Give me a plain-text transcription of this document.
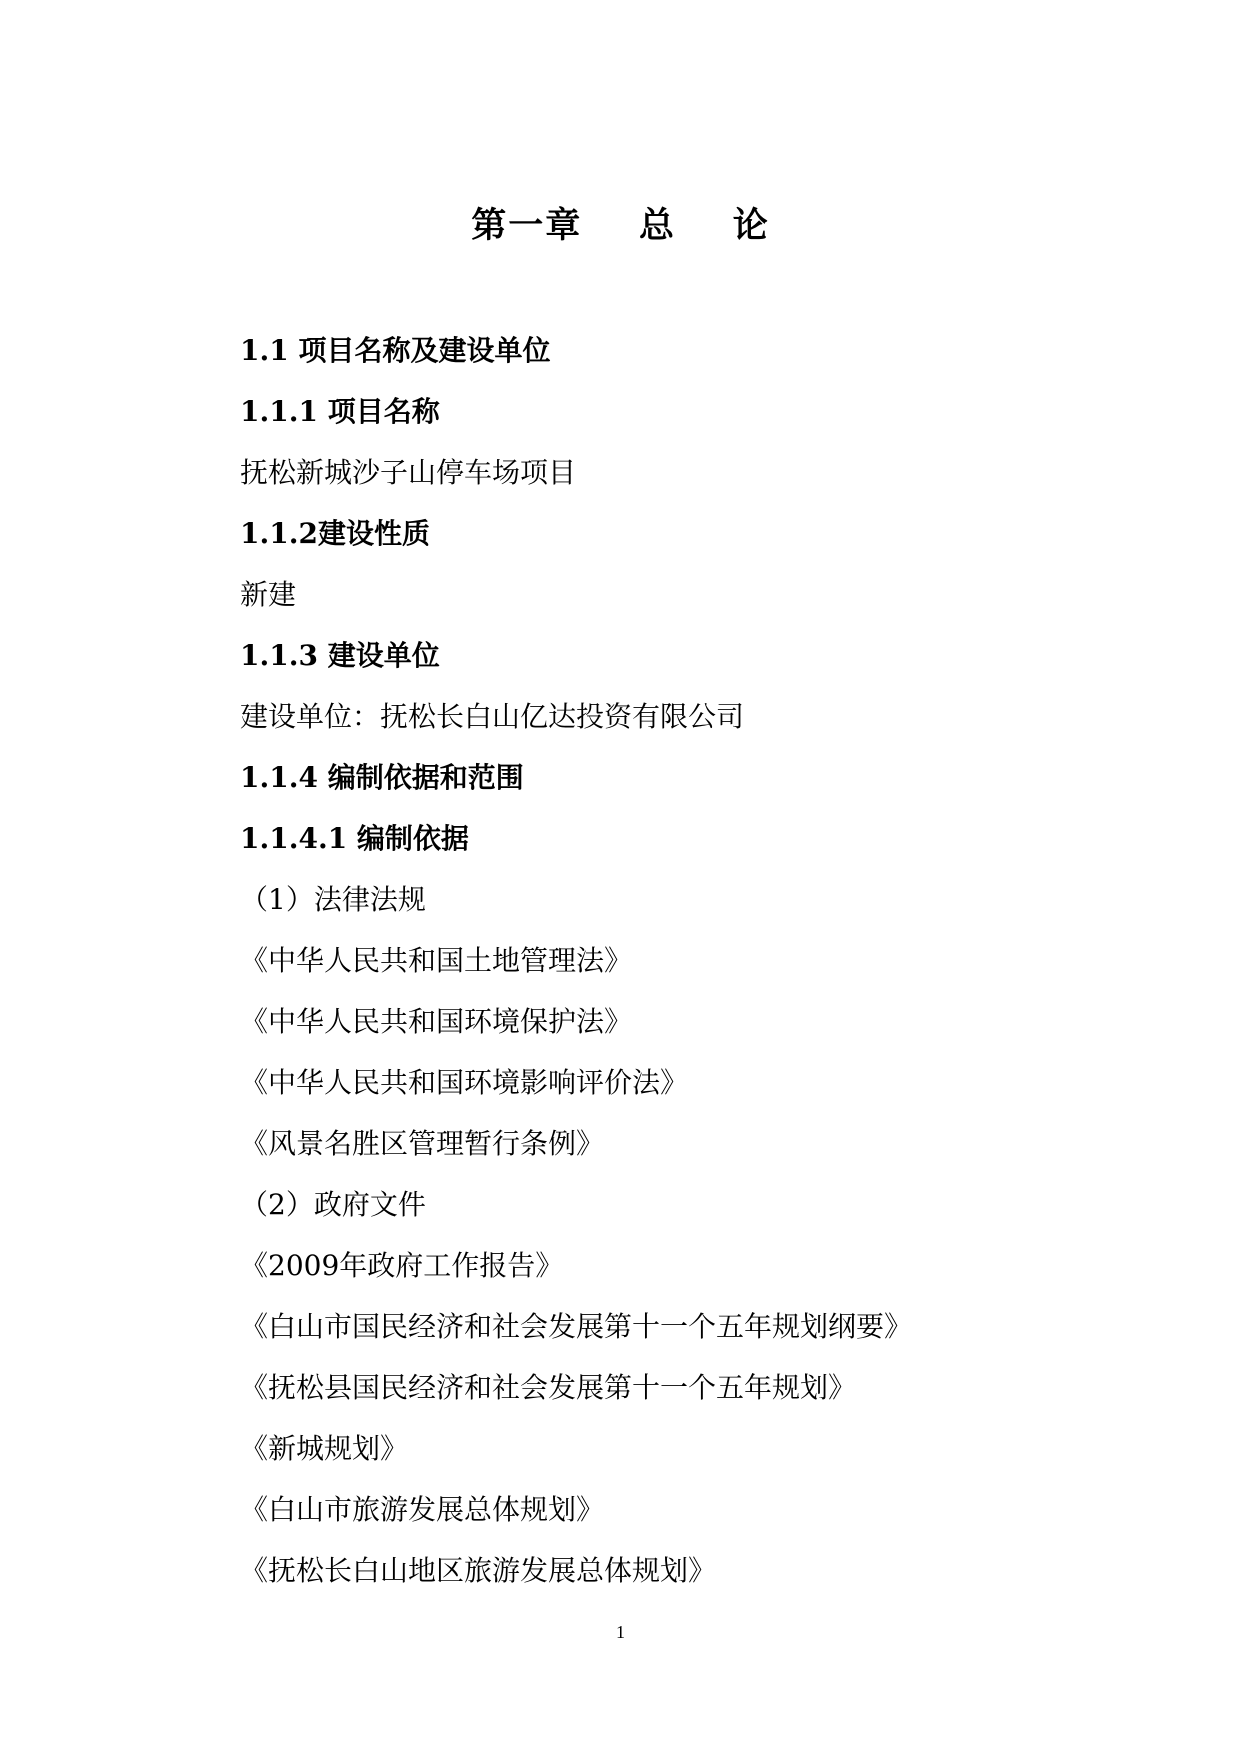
第一章    总    论

1.1 项目名称及建设单位

1.1.1 项目名称

抚松新城沙子山停车场项目

1.1.2建设性质

新建

1.1.3 建设单位

建设单位：抚松长白山亿达投资有限公司

1.1.4 编制依据和范围

1.1.4.1 编制依据

（1）法律法规

《中华人民共和国土地管理法》

《中华人民共和国环境保护法》

《中华人民共和国环境影响评价法》

《风景名胜区管理暂行条例》

（2）政府文件

《2009年政府工作报告》

《白山市国民经济和社会发展第十一个五年规划纲要》

《抚松县国民经济和社会发展第十一个五年规划》

《新城规划》

《白山市旅游发展总体规划》

《抚松长白山地区旅游发展总体规划》

1
